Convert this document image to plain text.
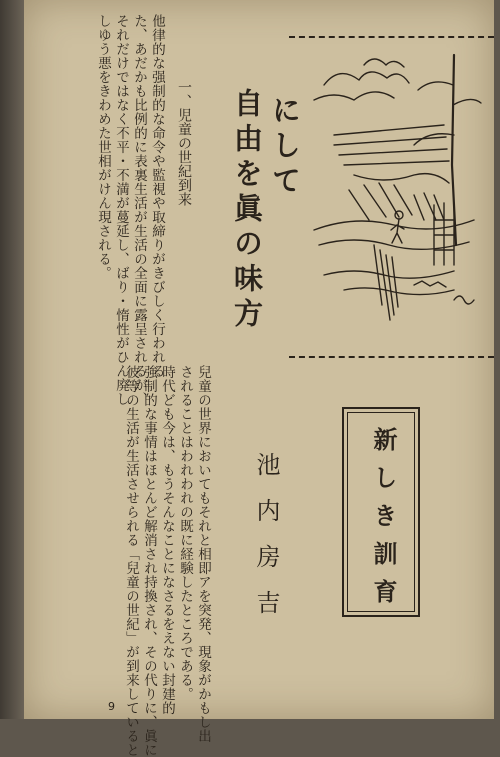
他律的な强制的な命令や監視や取締りがきびしく行われる
た、あだかも比例的に表裏生活が生活の全面に露呈されるが、
それだけではなく不平・不満が蔓延し、ばり・惰性がひん廃し
しゆう悪をきわめた世相がけん現される。	一、児童の世紀到来 自由を眞の味方 にして
池内房吉
兒童の世界においてもそれと相即アを突発、現象がかもし出
されることはわれわれの既に経験したところである。
時代ども今は、もうそんなことになさるをえない封建的
強制的な事情はほとんど解消され持換され、その代りに、眞に
彼等の生活が生活させられる「兒童の世紀」が到来していると	新しき訓育
9
